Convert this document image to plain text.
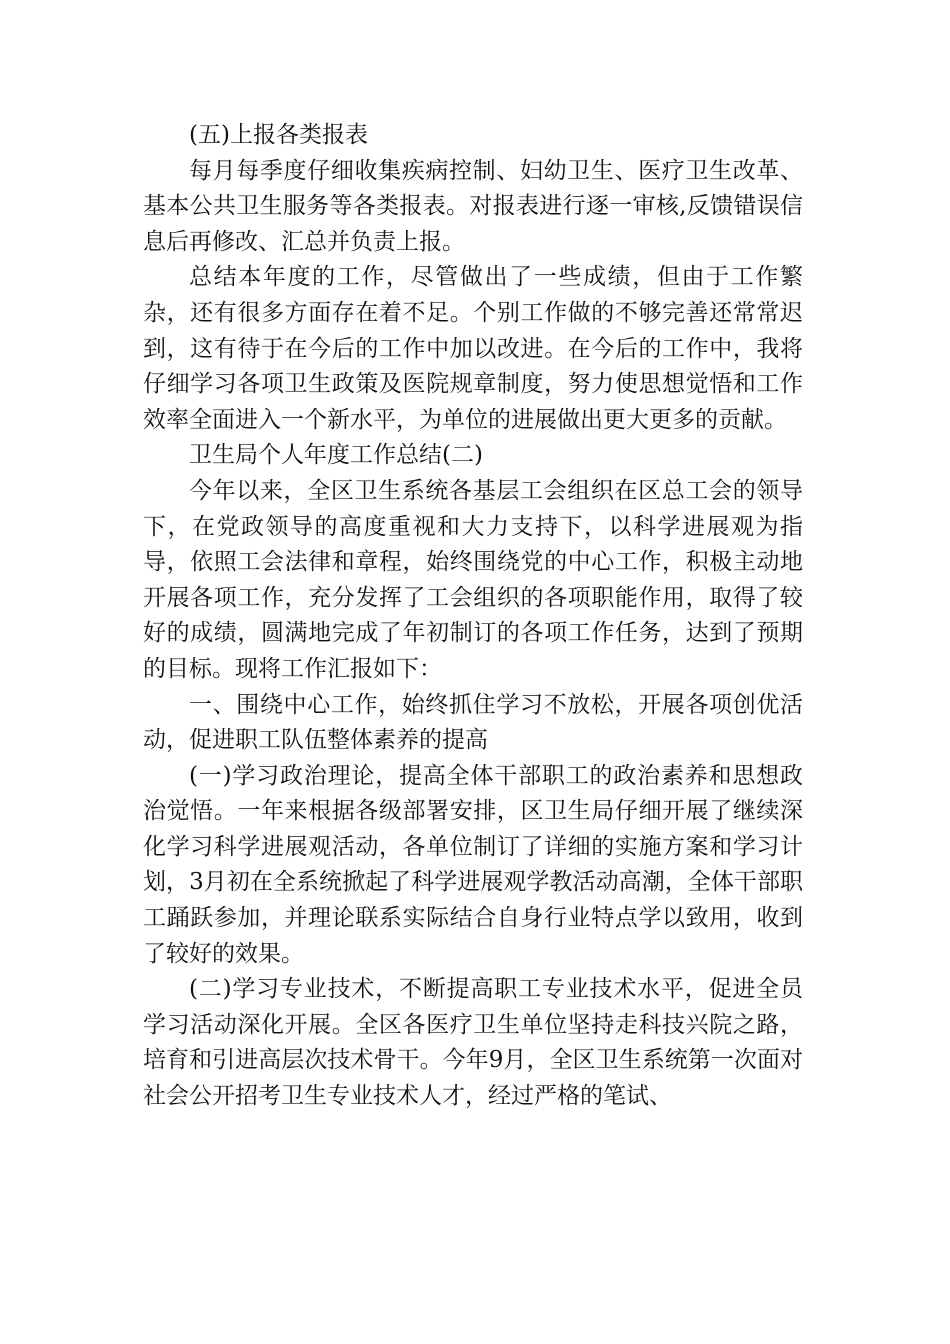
(五)上报各类报表

每月每季度仔细收集疾病控制、妇幼卫生、医疗卫生改革、基本公共卫生服务等各类报表。对报表进行逐一审核,反馈错误信息后再修改、汇总并负责上报。

总结本年度的工作，尽管做出了一些成绩，但由于工作繁杂，还有很多方面存在着不足。个别工作做的不够完善还常常迟到，这有待于在今后的工作中加以改进。在今后的工作中，我将仔细学习各项卫生政策及医院规章制度，努力使思想觉悟和工作效率全面进入一个新水平，为单位的进展做出更大更多的贡献。

卫生局个人年度工作总结(二)

今年以来，全区卫生系统各基层工会组织在区总工会的领导下，在党政领导的高度重视和大力支持下，以科学进展观为指导，依照工会法律和章程，始终围绕党的中心工作，积极主动地开展各项工作，充分发挥了工会组织的各项职能作用，取得了较好的成绩，圆满地完成了年初制订的各项工作任务，达到了预期的目标。现将工作汇报如下：

一、围绕中心工作，始终抓住学习不放松，开展各项创优活动，促进职工队伍整体素养的提高

(一)学习政治理论，提高全体干部职工的政治素养和思想政治觉悟。一年来根据各级部署安排，区卫生局仔细开展了继续深化学习科学进展观活动，各单位制订了详细的实施方案和学习计划，3月初在全系统掀起了科学进展观学教活动高潮，全体干部职工踊跃参加，并理论联系实际结合自身行业特点学以致用，收到了较好的效果。

(二)学习专业技术，不断提高职工专业技术水平，促进全员学习活动深化开展。全区各医疗卫生单位坚持走科技兴院之路，培育和引进高层次技术骨干。今年9月，全区卫生系统第一次面对社会公开招考卫生专业技术人才，经过严格的笔试、
